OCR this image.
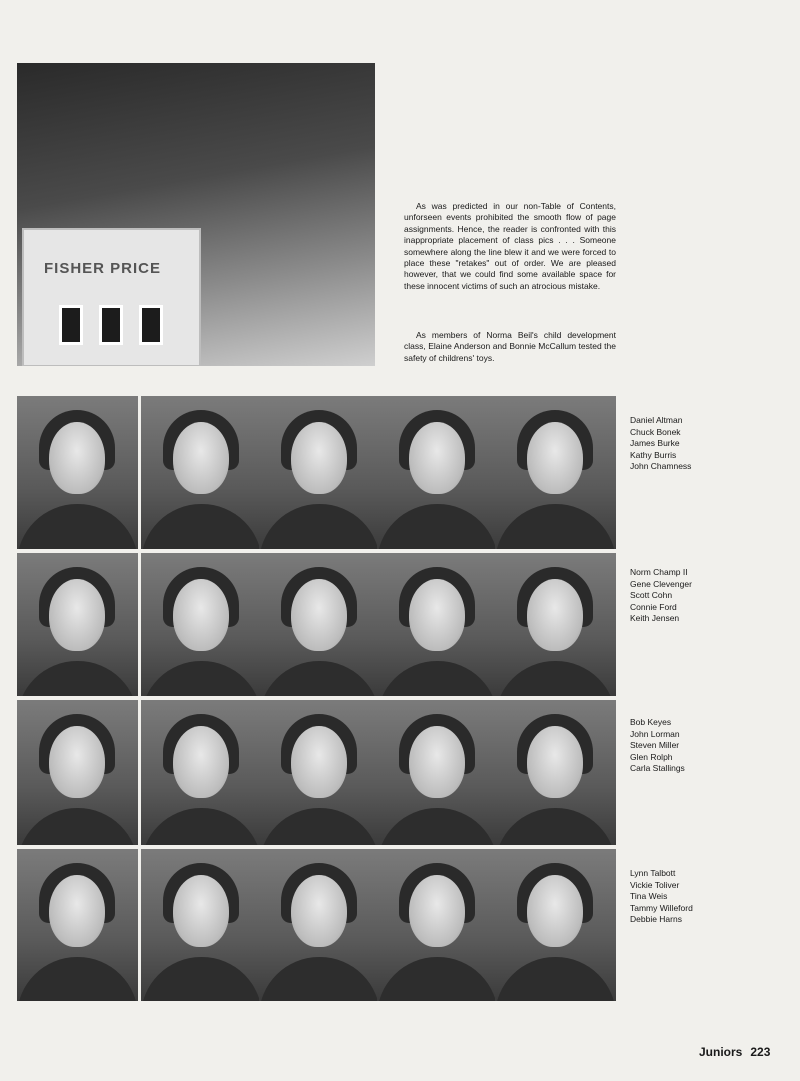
FISHER PRICE

As was predicted in our non-Table of Contents, unforseen events prohibited the smooth flow of page assignments. Hence, the reader is confronted with this inappropriate placement of class pics . . . Someone somewhere along the line blew it and we were forced to place these "retakes" out of order. We are pleased however, that we could find some available space for these innocent victims of such an atrocious mistake.

As members of Norma Beil's child development class, Elaine Anderson and Bonnie McCallum tested the safety of childrens' toys.

Daniel Altman
Chuck Bonek
James Burke
Kathy Burris
John Chamness
Norm Champ II
Gene Clevenger
Scott Cohn
Connie Ford
Keith Jensen
Bob Keyes
John Lorman
Steven Miller
Glen Rolph
Carla Stallings
Lynn Talbott
Vickie Toliver
Tina Weis
Tammy Willeford
Debbie Harns
Juniors 223
